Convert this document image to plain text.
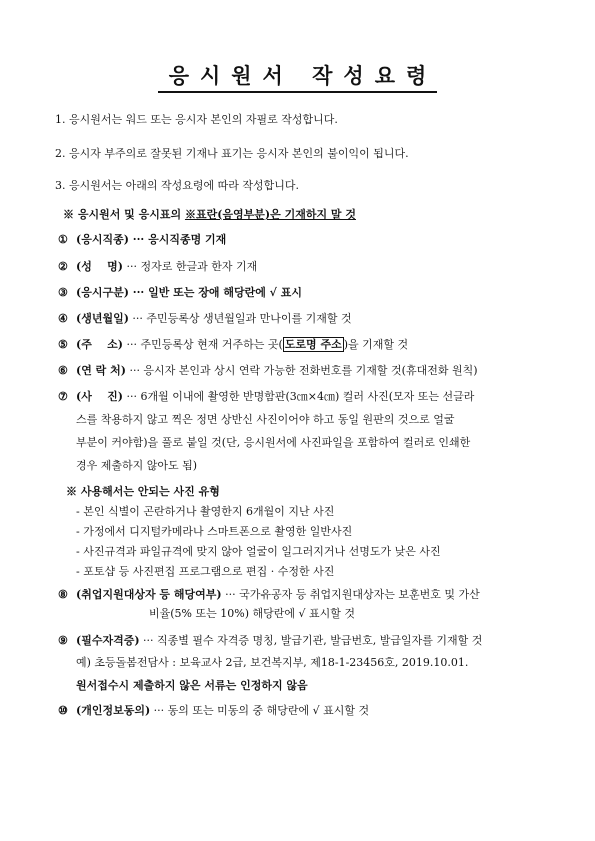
응시원서 작성요령
1. 응시원서는 워드 또는 응시자 본인의 자필로 작성합니다.
2. 응시자 부주의로 잘못된 기재나 표기는 응시자 본인의 불이익이 됩니다.
3. 응시원서는 아래의 작성요령에 따라 작성합니다.
※ 응시원서 및 응시표의 ※표란(음영부분)은 기재하지 말 것
① (응시직종) ··· 응시직종명 기재
② (성    명) ··· 정자로 한글과 한자 기재
③ (응시구분) ··· 일반 또는 장애 해당란에 √ 표시
④ (생년월일) ··· 주민등록상 생년월일과 만나이를 기재할 것
⑤ (주    소) ··· 주민등록상 현재 거주하는 곳( 도로명 주소 )을 기재할 것
⑥ (연 락 처) ··· 응시자 본인과 상시 연락 가능한 전화번호를 기재할 것(휴대전화 원칙)
⑦ (사    진) ··· 6개월 이내에 촬영한 반명함판(3㎝×4㎝) 컬러 사진(모자 또는 선글라
스를 착용하지 않고 찍은 정면 상반신 사진이어야 하고 동일 원판의 것으로 얼굴
부분이 커야함)을 풀로 붙일 것(단, 응시원서에 사진파일을 포함하여 컬러로 인쇄한
경우 제출하지 않아도 됨)
※ 사용해서는 안되는 사진 유형
- 본인 식별이 곤란하거나 촬영한지 6개월이 지난 사진
- 가정에서 디지털카메라나 스마트폰으로 촬영한 일반사진
- 사진규격과 파일규격에 맞지 않아 얼굴이 일그러지거나 선명도가 낮은 사진
- 포토샵 등 사진편집 프로그램으로 편집 · 수정한 사진
⑧ (취업지원대상자 등 해당여부) ··· 국가유공자 등 취업지원대상자는 보훈번호 및 가산
비율(5% 또는 10%) 해당란에 √ 표시할 것
⑨ (필수자격증) ··· 직종별 필수 자격증 명칭, 발급기관, 발급번호, 발급일자를 기재할 것
예) 초등돌봄전담사 : 보육교사 2급, 보건복지부, 제18-1-23456호, 2019.10.01.
원서접수시 제출하지 않은 서류는 인정하지 않음
⑩ (개인정보동의) ··· 동의 또는 미동의 중 해당란에 √ 표시할 것
